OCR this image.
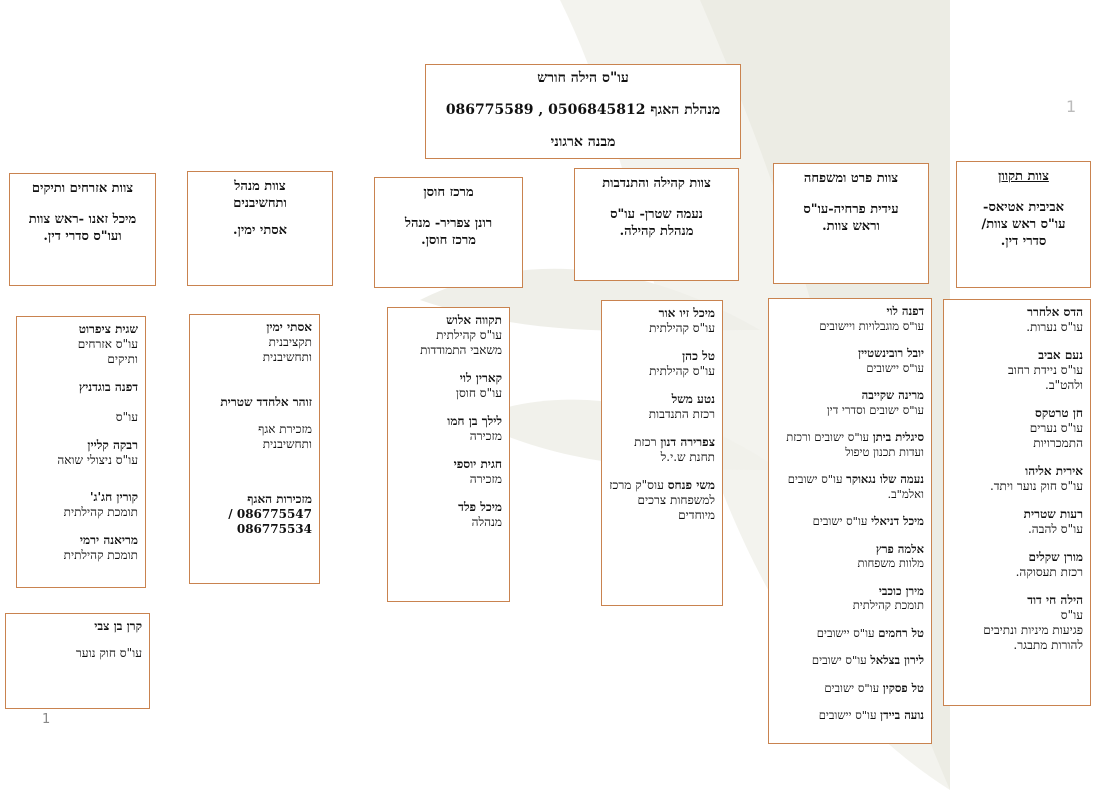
עו"ס הילה חורש
מנהלת האגף 0506845812 , 086775589
מבנה ארגוני
צוות תקוון
אביבית אטיאס-
עו"ס ראש צוות/
סדרי דין.
צוות פרט ומשפחה
עידית פרחיה-עו"ס
וראש צוות.
צוות קהילה והתנדבות
נעמה שטרן- עו"ס
מנהלת קהילה.
מרכז חוסן
רונן צפריר- מנהל
מרכז חוסן.
צוות מנהל
ותחשיבנים
אסתי ימין.
צוות אזרחים ותיקים
מיכל זאנו -ראש צוות
ועו"ס סדרי דין.
הדס אלחרר
עו"ס נערות.
נעם אביב
עו"ס ניידת רחוב
ולהט"ב.
חן טרטקס
עו"ס נערים
התמכרויות
אירית אליהו
עו"ס חוק נוער ויתד.
רעות שטרית
עו"ס להבה.
מורן שקלים
רכזת תעסוקה.
הילה חי דוד
עו"ס
פגיעות מיניות ונתיבים
להורות מתבגר.
דפנה לוי
עו"ס מוגבלויות ויישובים
יובל רובינשטיין
עו"ס יישובים
מרינה שקייבה
עו"ס ישובים וסדרי דין
סיגלית ביתן עו"ס ישובים ורכזת ועדות תכנון טיפול
נעמה שלו נגאוקר עו"ס ישובים ואלמ"ב.
מיכל דניאלי עו"ס ישובים
אלמה פרץ
מלוות משפחות
מירן כוכבי
תומכת קהילתית
טל רחמים עו"ס יישובים
לירון בצלאל עו"ס ישובים
טל פסקין עו"ס ישובים
נועה ביידן עו"ס יישובים
מיכל זיו אור
עו"ס קהילתית
טל כהן
עו"ס קהילתית
נטע משל
רכזת התנדבות
צפרירה דנון רכזת תחנת ש.י.ל
משי פנחס עוס"ק מרכז למשפחות צרכים מיוחדים
תקווה אלוש
עו"ס קהילתית
משאבי התמודדות
קארין לוי
עו"ס חוסן
לילך בן חמו
מזכירה
חגית יוספי
מזכירה
מיכל פלד
מנהלה
אסתי ימין
תקציבנית
ותחשיבנית
זוהר אלחדד שטרית
מזכירת אגף
ותחשיבנית
מזכירות האגף
086775547 /
086775534
שגית ציפרוט
עו"ס אזרחים
ותיקים
דפנה בוגדניץ

עו"ס
רבקה קליין
עו"ס ניצולי שואה
קורין חג'ג'
תומכת קהילתית
מריאנה ירמי
תומכת קהילתית
קרן בן צבי
עו"ס חוק נוער
1
1
